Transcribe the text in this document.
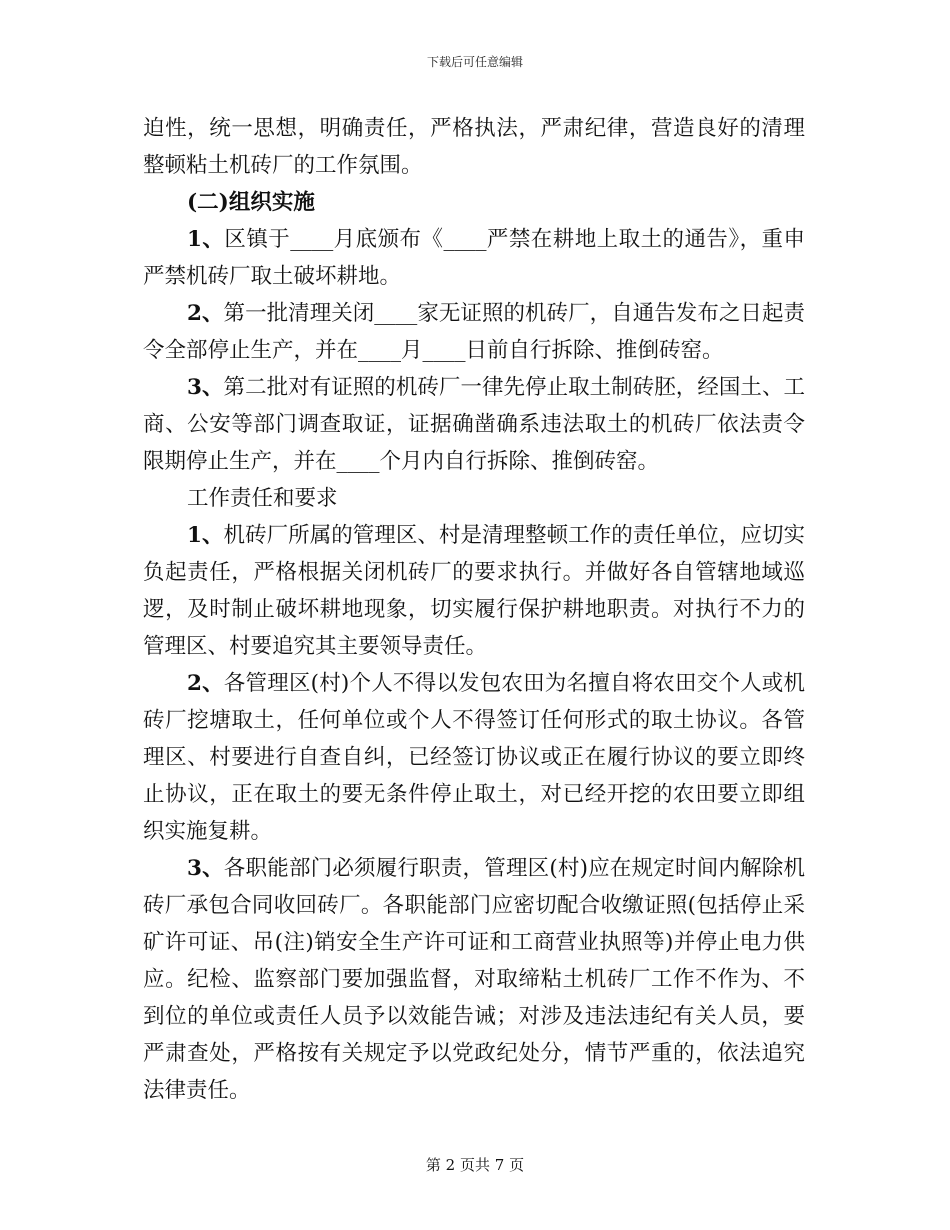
下载后可任意编辑
迫性，统一思想，明确责任，严格执法，严肃纪律，营造良好的清理
整顿粘土机砖厂的工作氛围。
(二)组织实施
1、区镇于____月底颁布《____严禁在耕地上取土的通告》，重申
严禁机砖厂取土破坏耕地。
2、第一批清理关闭____家无证照的机砖厂，自通告发布之日起责
令全部停止生产，并在____月____日前自行拆除、推倒砖窑。
3、第二批对有证照的机砖厂一律先停止取土制砖胚，经国土、工
商、公安等部门调查取证，证据确凿确系违法取土的机砖厂依法责令
限期停止生产，并在____个月内自行拆除、推倒砖窑。
工作责任和要求
1、机砖厂所属的管理区、村是清理整顿工作的责任单位，应切实
负起责任，严格根据关闭机砖厂的要求执行。并做好各自管辖地域巡
逻，及时制止破坏耕地现象，切实履行保护耕地职责。对执行不力的
管理区、村要追究其主要领导责任。
2、各管理区(村)个人不得以发包农田为名擅自将农田交个人或机
砖厂挖塘取土，任何单位或个人不得签订任何形式的取土协议。各管
理区、村要进行自查自纠，已经签订协议或正在履行协议的要立即终
止协议，正在取土的要无条件停止取土，对已经开挖的农田要立即组
织实施复耕。
3、各职能部门必须履行职责，管理区(村)应在规定时间内解除机
砖厂承包合同收回砖厂。各职能部门应密切配合收缴证照(包括停止采
矿许可证、吊(注)销安全生产许可证和工商营业执照等)并停止电力供
应。纪检、监察部门要加强监督，对取缔粘土机砖厂工作不作为、不
到位的单位或责任人员予以效能告诫；对涉及违法违纪有关人员，要
严肃查处，严格按有关规定予以党政纪处分，情节严重的，依法追究
法律责任。
第 2 页共 7 页
